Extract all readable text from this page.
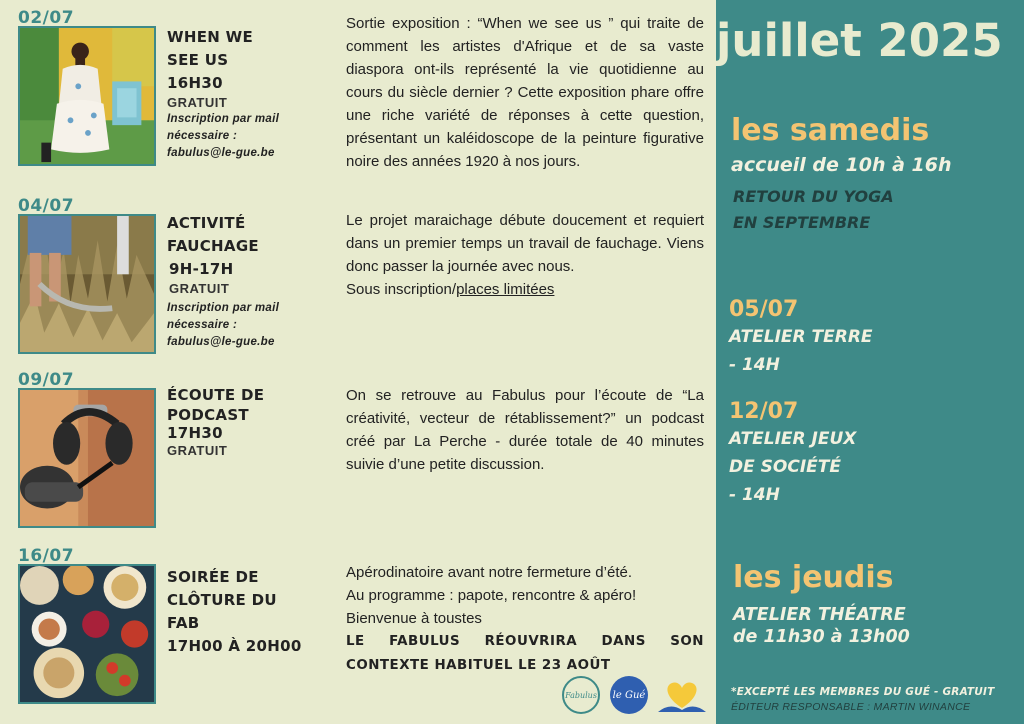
02/07
WHEN WE
SEE US
16H30
GRATUIT
Inscription par mail
nécessaire :
fabulus@le-gue.be
Sortie exposition : “When we see us ” qui traite de comment les artistes d'Afrique et de sa vaste diaspora ont-ils représenté la vie quotidienne au cours du siècle dernier ? Cette exposition phare offre une riche variété de réponses à cette question, présentant un kaléidoscope de la peinture figurative noire des années 1920 à nos jours.
04/07
ACTIVITÉ
FAUCHAGE
9H-17H
GRATUIT
Inscription par mail
nécessaire :
fabulus@le-gue.be
Le projet maraichage débute doucement et requiert dans un premier temps un travail de fauchage. Viens donc passer la journée avec nous.
Sous inscription/places limitées
09/07
ÉCOUTE DE
PODCAST
17H30
GRATUIT
On se retrouve au Fabulus pour l’écoute de “La créativité, vecteur de rétablissement?” un podcast créé par La Perche - durée totale de 40 minutes suivie d’une petite discussion.
16/07
SOIRÉE DE
CLÔTURE DU
FAB
17H00 À 20H00
Apérodinatoire avant notre fermeture d’été.
Au programme : papote, rencontre & apéro!
Bienvenue à toustes
LE FABULUS RÉOUVRIRA DANS SON CONTEXTE HABITUEL LE 23 AOÛT
juillet 2025
les samedis
accueil de 10h à 16h
RETOUR DU YOGA
EN SEPTEMBRE
05/07
ATELIER TERRE
- 14H
12/07
ATELIER JEUX
DE SOCIÉTÉ
- 14H
les jeudis
ATELIER THÉATRE
de 11h30 à 13h00
*EXCEPTÉ LES MEMBRES DU GUÉ - GRATUIT
ÉDITEUR RESPONSABLE : MARTIN WINANCE
Fabulus le Gué
